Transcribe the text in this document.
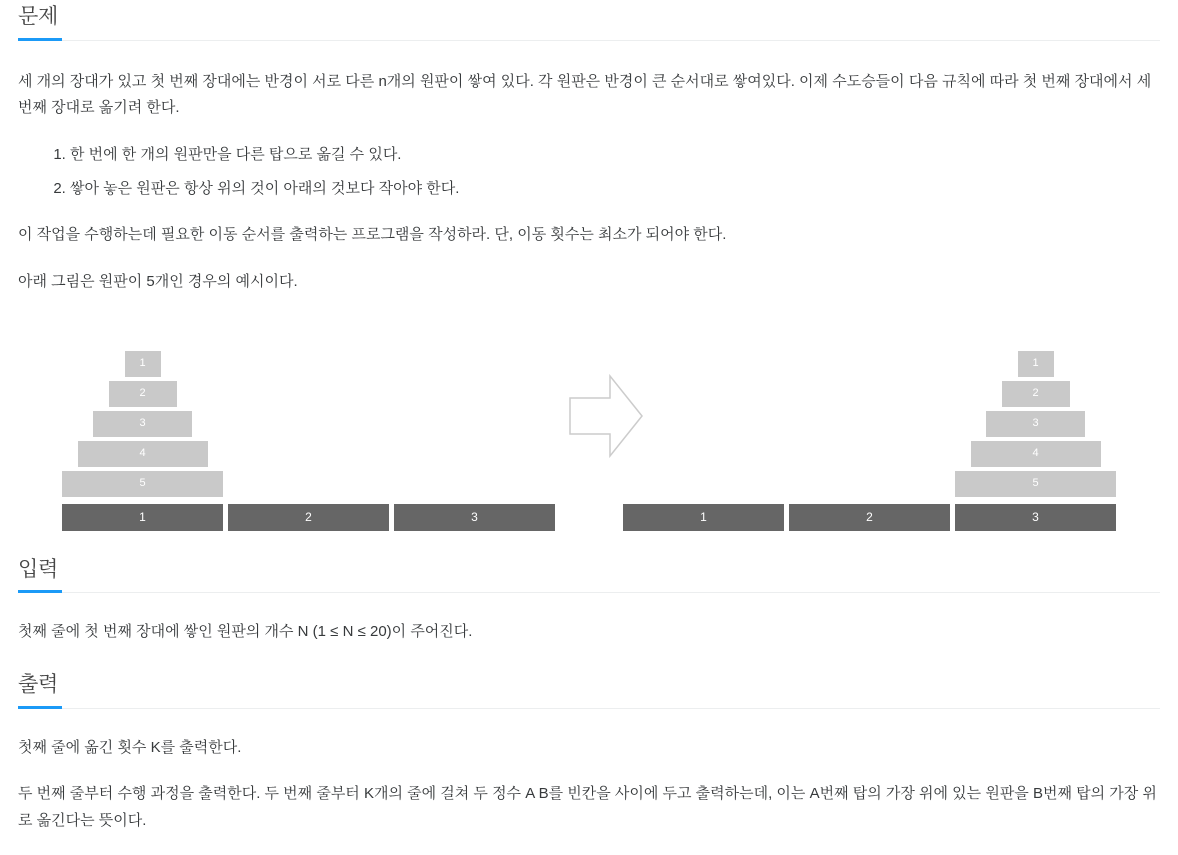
문제

세 개의 장대가 있고 첫 번째 장대에는 반경이 서로 다른 n개의 원판이 쌓여 있다. 각 원판은 반경이 큰 순서대로 쌓여있다. 이제 수도승들이 다음 규칙에 따라 첫 번째 장대에서 세 번째 장대로 옮기려 한다.

1. 한 번에 한 개의 원판만을 다른 탑으로 옮길 수 있다.
2. 쌓아 놓은 원판은 항상 위의 것이 아래의 것보다 작아야 한다.

이 작업을 수행하는데 필요한 이동 순서를 출력하는 프로그램을 작성하라. 단, 이동 횟수는 최소가 되어야 한다.

아래 그림은 원판이 5개인 경우의 예시이다.

1
2
3
4
5
1	2	3	1	2
1
2
3
4
5
3
입력

첫째 줄에 첫 번째 장대에 쌓인 원판의 개수 N (1 ≤ N ≤ 20)이 주어진다.

출력

첫째 줄에 옮긴 횟수 K를 출력한다.

두 번째 줄부터 수행 과정을 출력한다. 두 번째 줄부터 K개의 줄에 걸쳐 두 정수 A B를 빈칸을 사이에 두고 출력하는데, 이는 A번째 탑의 가장 위에 있는 원판을 B번째 탑의 가장 위로 옮긴다는 뜻이다.
